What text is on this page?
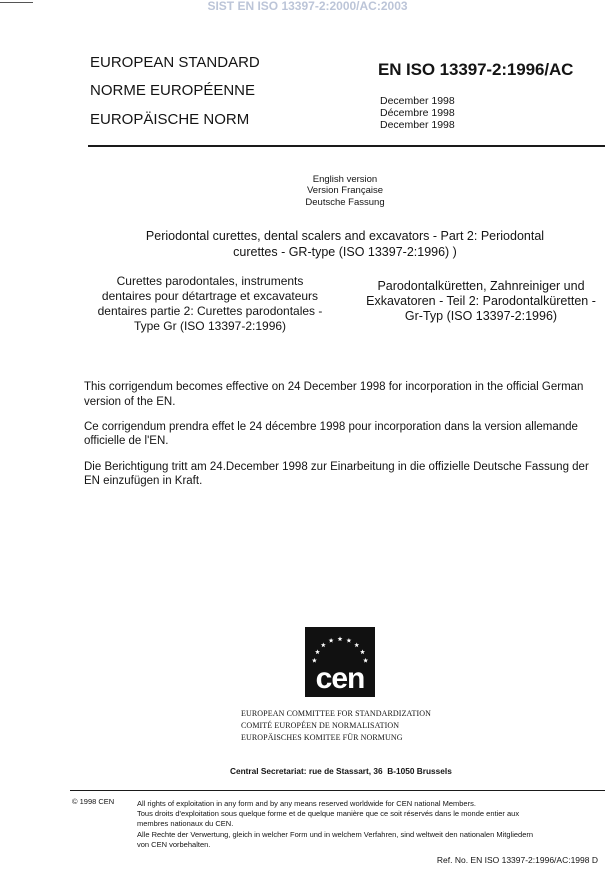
SIST EN ISO 13397-2:2000/AC:2003
EUROPEAN STANDARD
NORME EUROPÉENNE
EUROPÄISCHE NORM
EN ISO 13397-2:1996/AC
December 1998
Décembre 1998
December 1998
English version
Version Française
Deutsche Fassung
Periodontal curettes, dental scalers and excavators - Part 2: Periodontal
curettes - GR-type (ISO 13397-2:1996) )
Curettes parodontales, instruments
dentaires pour détartrage et excavateurs
dentaires partie 2: Curettes parodontales -
Type Gr (ISO 13397-2:1996)
Parodontalküretten, Zahnreiniger und
Exkavatoren - Teil 2: Parodontalküretten -
Gr-Typ (ISO 13397-2:1996)
This corrigendum becomes effective on 24 December 1998 for incorporation in the official German
version of the EN.
Ce corrigendum prendra effet le 24 décembre 1998 pour incorporation dans la version allemande
officielle de l'EN.
Die Berichtigung tritt am 24.December 1998 zur Einarbeitung in die offizielle Deutsche Fassung der
EN einzufügen in Kraft.
cen
EUROPEAN COMMITTEE FOR STANDARDIZATION
COMITÉ EUROPÉEN DE NORMALISATION
EUROPÄISCHES KOMITEE FÜR NORMUNG
Central Secretariat: rue de Stassart, 36  B-1050 Brussels
© 1998 CEN	All rights of exploitation in any form and by any means reserved worldwide for CEN national Members.
Tous droits d'exploitation sous quelque forme et de quelque manière que ce soit réservés dans le monde entier aux
membres nationaux du CEN.
Alle Rechte der Verwertung, gleich in welcher Form und in welchem Verfahren, sind weltweit den nationalen Mitgliedern
von CEN vorbehalten.
Ref. No. EN ISO 13397-2:1996/AC:1998 D
